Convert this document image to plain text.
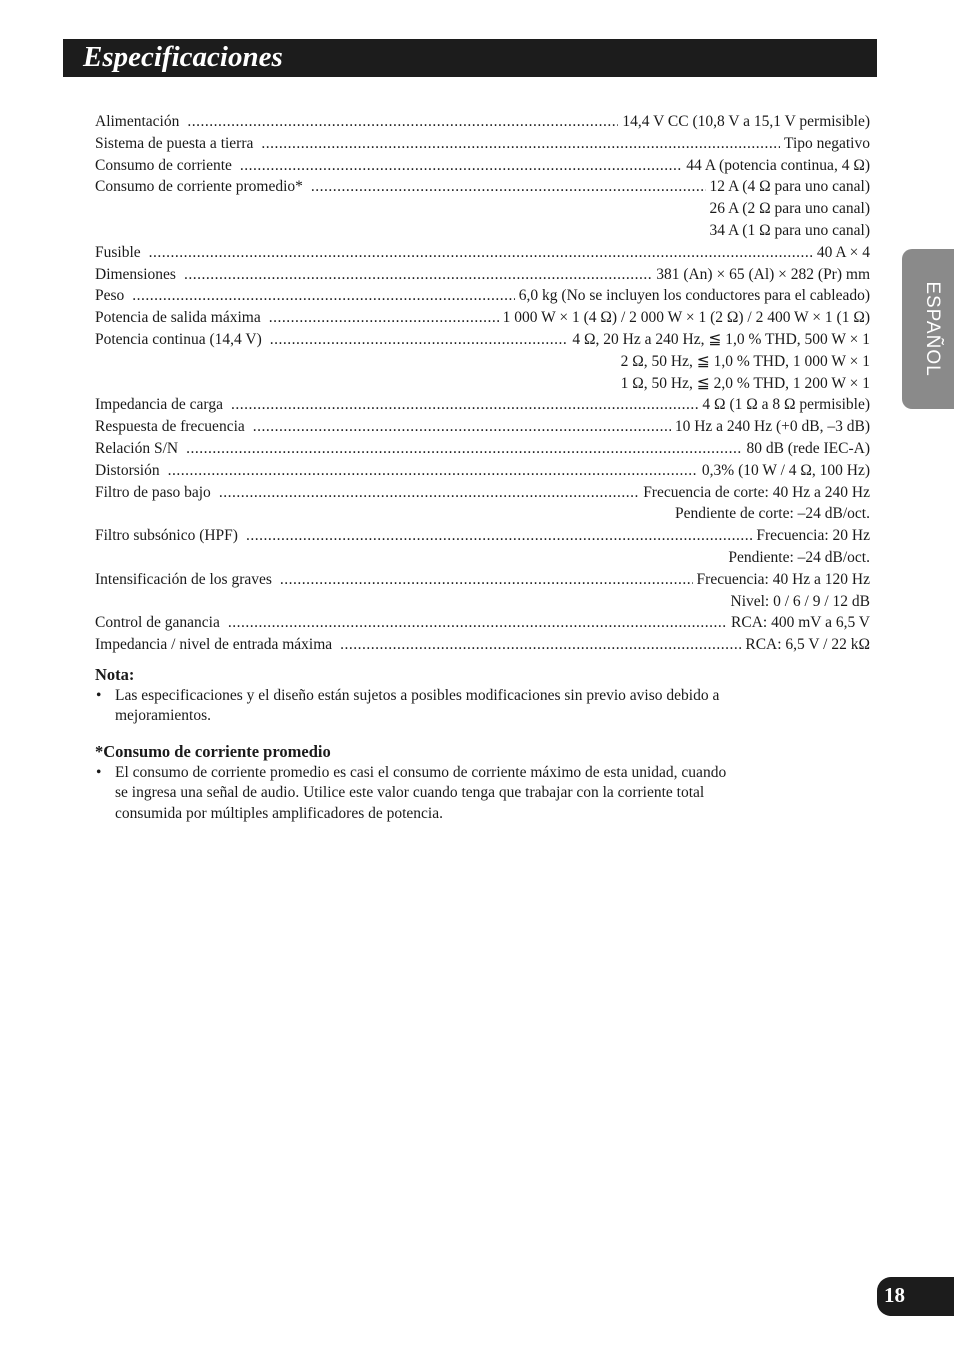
Especificaciones
ESPAÑOL
Alimentación .....	14,4 V CC (10,8 V a 15,1 V permisible)
Sistema de puesta a tierra .....	Tipo negativo
Consumo de corriente .....	44 A (potencia continua, 4 Ω)
Consumo de corriente promedio* .....	12 A (4 Ω para uno canal)
26 A (2 Ω para uno canal)
34 A (1 Ω para uno canal)
Fusible .....	40 A × 4
Dimensiones .....	381 (An) × 65 (Al) × 282 (Pr) mm
Peso .....	6,0 kg (No se incluyen los conductores para el cableado)
Potencia de salida máxima .....	1 000 W × 1 (4 Ω) / 2 000 W × 1 (2 Ω) / 2 400 W × 1 (1 Ω)
Potencia continua (14,4 V) .....	4 Ω, 20 Hz a 240 Hz, ≦ 1,0 % THD, 500 W × 1
2 Ω, 50 Hz, ≦ 1,0 % THD, 1 000 W × 1
1 Ω, 50 Hz, ≦ 2,0 % THD, 1 200 W × 1
Impedancia de carga .....	4 Ω (1 Ω a 8 Ω permisible)
Respuesta de frecuencia .....	10 Hz a 240 Hz (+0 dB, –3 dB)
Relación S/N .....	80 dB (rede IEC-A)
Distorsión .....	0,3% (10 W / 4 Ω, 100 Hz)
Filtro de paso bajo .....	Frecuencia de corte: 40 Hz a 240 Hz
Pendiente de corte: –24 dB/oct.
Filtro subsónico (HPF) .....	Frecuencia: 20 Hz
Pendiente: –24 dB/oct.
Intensificación de los graves .....	Frecuencia: 40 Hz a 120 Hz
Nivel: 0 / 6 / 9 / 12 dB
Control de ganancia .....	RCA: 400 mV a 6,5 V
Impedancia / nivel de entrada máxima .....	RCA: 6,5 V / 22 kΩ
Nota:
• Las especificaciones y el diseño están sujetos a posibles modificaciones sin previo aviso debido a mejoramientos.
*Consumo de corriente promedio
• El consumo de corriente promedio es casi el consumo de corriente máximo de esta unidad, cuando se ingresa una señal de audio. Utilice este valor cuando tenga que trabajar con la corriente total consumida por múltiples amplificadores de potencia.
18
